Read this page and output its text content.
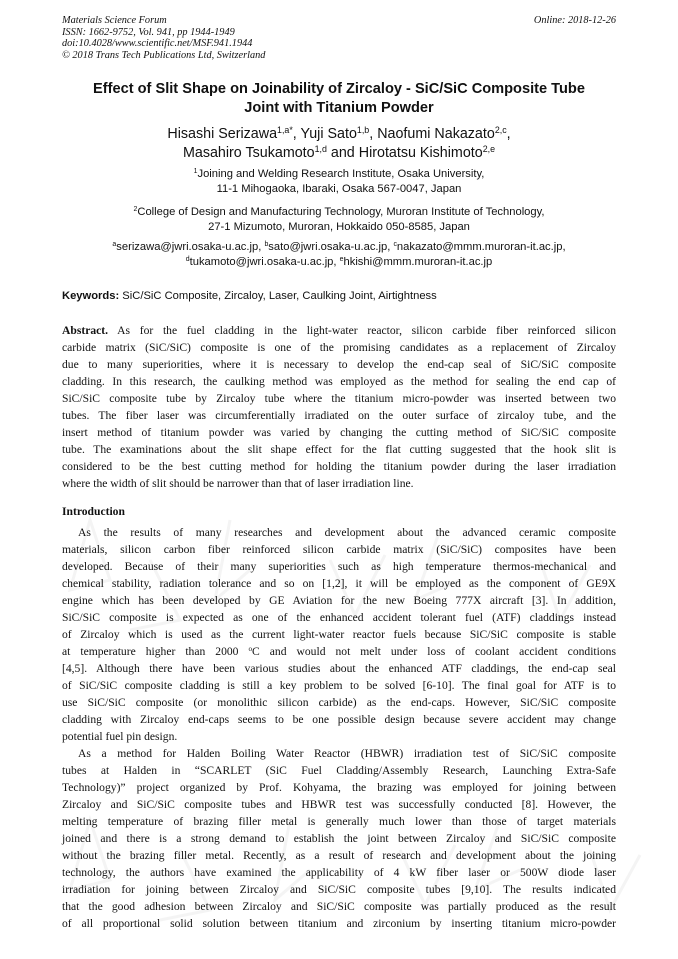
Materials Science Forum
ISSN: 1662-9752, Vol. 941, pp 1944-1949
doi:10.4028/www.scientific.net/MSF.941.1944
© 2018 Trans Tech Publications Ltd, Switzerland
Online: 2018-12-26
Effect of Slit Shape on Joinability of Zircaloy - SiC/SiC Composite Tube
Joint with Titanium Powder
Hisashi Serizawa$^{1,a*}$, Yuji Sato$^{1,b}$, Naofumi Nakazato$^{2,c}$,
Masahiro Tsukamoto$^{1,d}$ and Hirotatsu Kishimoto$^{2,e}$
$^1$Joining and Welding Research Institute, Osaka University,
11-1 Mihogaoka, Ibaraki, Osaka 567-0047, Japan
$^2$College of Design and Manufacturing Technology, Muroran Institute of Technology,
27-1 Mizumoto, Muroran, Hokkaido 050-8585, Japan
$^a$serizawa@jwri.osaka-u.ac.jp, $^b$sato@jwri.osaka-u.ac.jp, $^c$nakazato@mmm.muroran-it.ac.jp,
$^d$tukamoto@jwri.osaka-u.ac.jp, $^e$hkishi@mmm.muroran-it.ac.jp
Keywords: SiC/SiC Composite, Zircaloy, Laser, Caulking Joint, Airtightness
Abstract. As for the fuel cladding in the light-water reactor, silicon carbide fiber reinforced silicon
carbide matrix (SiC/SiC) composite is one of the promising candidates as a replacement of Zircaloy
due to many superiorities, where it is necessary to develop the end-cap seal of SiC/SiC composite
cladding. In this research, the caulking method was employed as the method for sealing the end cap of
SiC/SiC composite tube by Zircaloy tube where the titanium micro-powder was inserted between two
tubes. The fiber laser was circumferentially irradiated on the outer surface of zircaloy tube, and the
insert method of titanium powder was varied by changing the cutting method of SiC/SiC composite
tube. The examinations about the slit shape effect for the flat cutting suggested that the hook slit is
considered to be the best cutting method for holding the titanium powder during the laser irradiation
where the width of slit should be narrower than that of laser irradiation line.
Introduction
As the results of many researches and development about the advanced ceramic composite
materials, silicon carbon fiber reinforced silicon carbide matrix (SiC/SiC) composites have been
developed. Because of their many superiorities such as high temperature thermos-mechanical and
chemical stability, radiation tolerance and so on [1,2], it will be employed as the component of GE9X
engine which has been developed by GE Aviation for the new Boeing 777X aircraft [3]. In addition,
SiC/SiC composite is expected as one of the enhanced accident tolerant fuel (ATF) claddings instead
of Zircaloy which is used as the current light-water reactor fuels because SiC/SiC composite is stable
at temperature higher than 2000 $^o$C and would not melt under loss of coolant accident conditions
[4,5]. Although there have been various studies about the enhanced ATF claddings, the end-cap seal
of SiC/SiC composite cladding is still a key problem to be solved [6-10]. The final goal for ATF is to
use SiC/SiC composite (or monolithic silicon carbide) as the end-caps. However, SiC/SiC composite
cladding with Zircaloy end-caps seems to be one possible design because severe accident may change
potential fuel pin design.
As a method for Halden Boiling Water Reactor (HBWR) irradiation test of SiC/SiC composite
tubes at Halden in “SCARLET (SiC Fuel Cladding/Assembly Research, Launching Extra-Safe
Technology)” project organized by Prof. Kohyama, the brazing was employed for joining between
Zircaloy and SiC/SiC composite tubes and HBWR test was successfully conducted [8]. However, the
melting temperature of brazing filler metal is generally much lower than those of target materials
joined and there is a strong demand to establish the joint between Zircaloy and SiC/SiC composite
without the brazing filler metal. Recently, as a result of research and development about the joining
technology, the authors have examined the applicability of 4 kW fiber laser or 500W diode laser
irradiation for joining between Zircaloy and SiC/SiC composite tubes [9,10]. The results indicated
that the good adhesion between Zircaloy and SiC/SiC composite was partially produced as the result
of all proportional solid solution between titanium and zirconium by inserting titanium micro-powder
